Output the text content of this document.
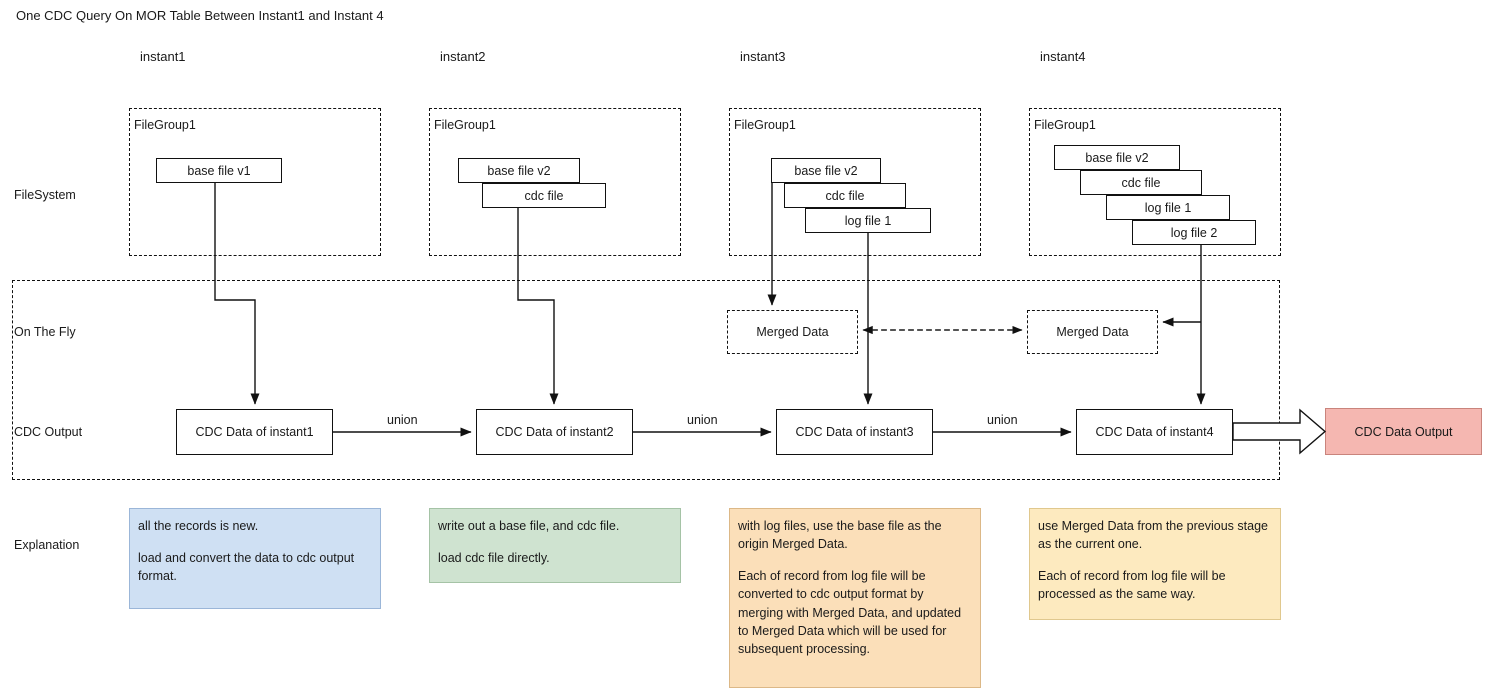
One CDC Query On MOR Table Between Instant1 and Instant 4
instant1	instant2	instant3	instant4
FileSystem
On The Fly
CDC Output
Explanation
FileGroup1
base file v1
FileGroup1
base file v2
cdc file
FileGroup1
base file v2
cdc file
log file 1
FileGroup1
base file v2
cdc file
log file 1
log file 2
Merged Data	Merged Data
CDC Data of instant1	CDC Data of instant2	CDC Data of instant3	CDC Data of instant4
union	union	union
CDC Data Output

all the records is new.

load and convert the data to cdc output format.

write out a base file, and cdc file.

load cdc file directly.

with log files, use the base file as the origin Merged Data.

Each of record from log file will be converted to cdc output format by merging with Merged Data, and updated to Merged Data which will be used for subsequent processing.

use Merged Data from the previous stage as the current one.

Each of record from log file will be processed as the same way.
